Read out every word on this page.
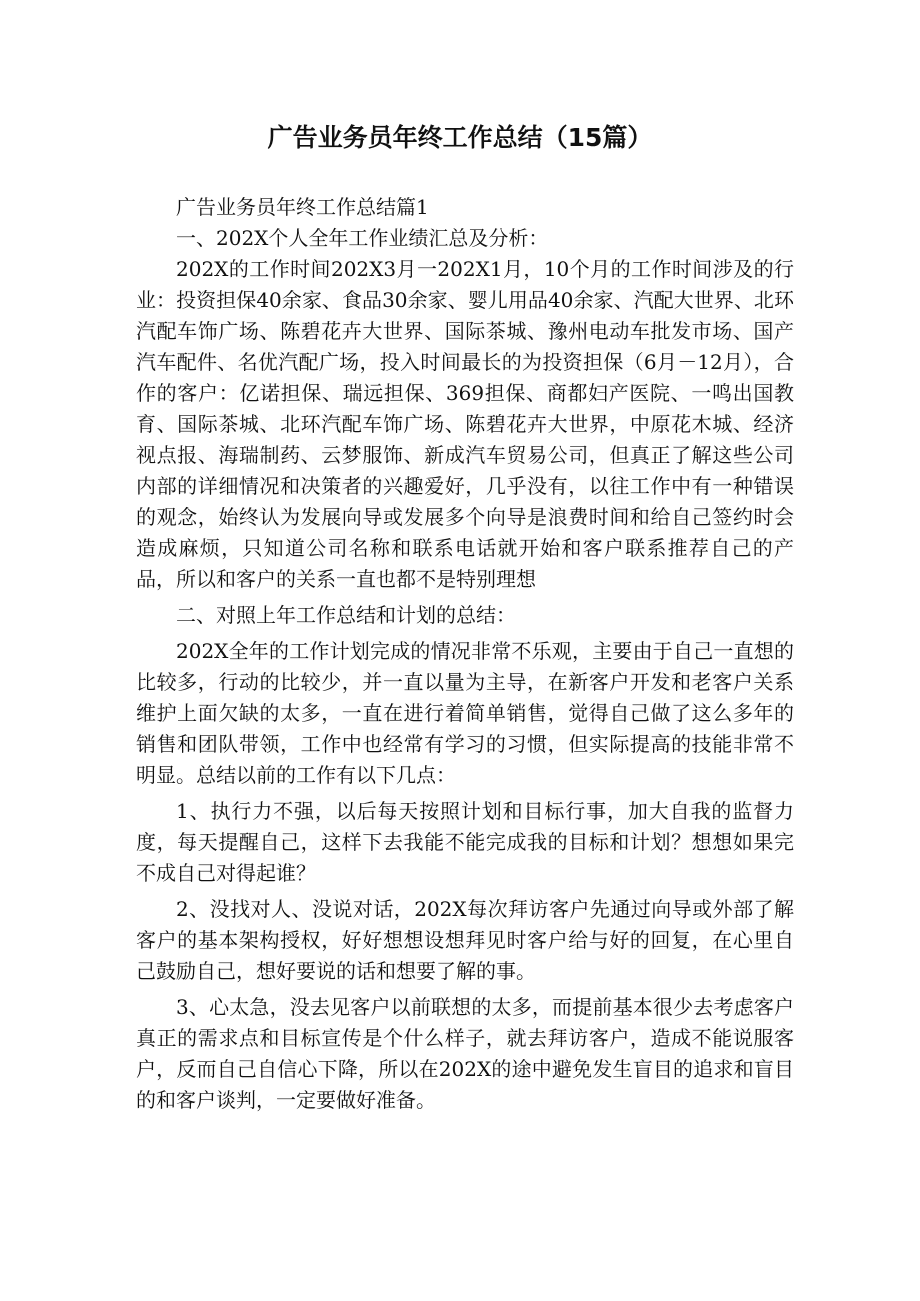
广告业务员年终工作总结（15篇）

广告业务员年终工作总结篇1

一、202X个人全年工作业绩汇总及分析：

202X的工作时间202X3月一202X1月，10个月的工作时间涉及的行业：投资担保40余家、食品30余家、婴儿用品40余家、汽配大世界、北环汽配车饰广场、陈碧花卉大世界、国际茶城、豫州电动车批发市场、国产汽车配件、名优汽配广场，投入时间最长的为投资担保（6月－12月），合作的客户：亿诺担保、瑞远担保、369担保、商都妇产医院、一鸣出国教育、国际茶城、北环汽配车饰广场、陈碧花卉大世界，中原花木城、经济视点报、海瑞制药、云梦服饰、新成汽车贸易公司，但真正了解这些公司内部的详细情况和决策者的兴趣爱好，几乎没有，以往工作中有一种错误的观念，始终认为发展向导或发展多个向导是浪费时间和给自己签约时会造成麻烦，只知道公司名称和联系电话就开始和客户联系推荐自己的产品，所以和客户的关系一直也都不是特别理想

二、对照上年工作总结和计划的总结：

202X全年的工作计划完成的情况非常不乐观，主要由于自己一直想的比较多，行动的比较少，并一直以量为主导，在新客户开发和老客户关系维护上面欠缺的太多，一直在进行着简单销售，觉得自己做了这么多年的销售和团队带领，工作中也经常有学习的习惯，但实际提高的技能非常不明显。总结以前的工作有以下几点：

1、执行力不强，以后每天按照计划和目标行事，加大自我的监督力度，每天提醒自己，这样下去我能不能完成我的目标和计划？想想如果完不成自己对得起谁？

2、没找对人、没说对话，202X每次拜访客户先通过向导或外部了解客户的基本架构授权，好好想想设想拜见时客户给与好的回复，在心里自己鼓励自己，想好要说的话和想要了解的事。

3、心太急，没去见客户以前联想的太多，而提前基本很少去考虑客户真正的需求点和目标宣传是个什么样子，就去拜访客户，造成不能说服客户，反而自己自信心下降，所以在202X的途中避免发生盲目的追求和盲目的和客户谈判，一定要做好准备。
